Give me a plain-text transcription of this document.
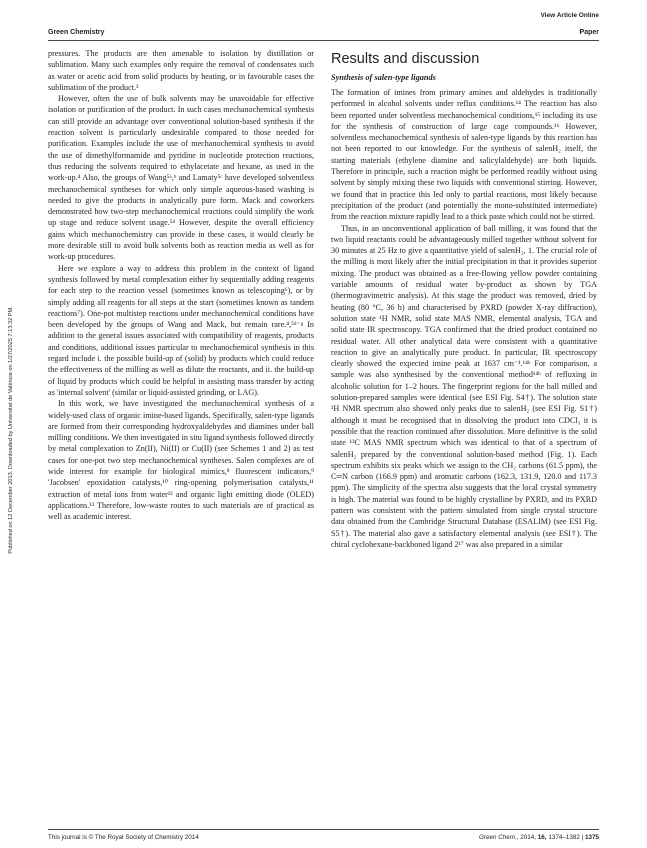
View Article Online
Green Chemistry	Paper
Published on 12 December 2013. Downloaded by Universitat de València on 1/27/2025 7:13:32 PM.

pressures. The products are then amenable to isolation by distillation or sublimation. Many such examples only require the removal of condensates such as water or acetic acid from solid products by heating, or in favourable cases the sublimation of the product.³

However, often the use of bulk solvents may be unavoidable for effective isolation or purification of the product. In such cases mechanochemical synthesis can still provide an advantage over conventional solution-based synthesis if the reaction solvent is particularly undesirable compared to those needed for purification. Examples include the use of mechanochemical synthesis to avoid the use of dimethylformamide and pyridine in nucleotide protection reactions, thus reducing the solvents required to ethylacetate and hexane, as used in the work-up.⁴ Also, the groups of Wang⁵ᵃ,ᵇ and Lamaty⁵ᶜ have developed solventless mechanochemical syntheses for which only simple aqueous-based washing is needed to give the products in analytically pure form. Mack and coworkers demonstrated how two-step mechanochemical reactions could simplify the work up stage and reduce solvent usage.⁵ᵈ However, despite the overall efficiency gains which mechanochemistry can provide in these cases, it would clearly be more desirable still to avoid bulk solvents both as reaction media as well as for work-up procedures.

Here we explore a way to address this problem in the context of ligand synthesis followed by metal complexation either by sequentially adding reagents for each step to the reaction vessel (sometimes known as telescoping⁶), or by simply adding all reagents for all steps at the start (sometimes known as tandem reactions⁷). One-pot multistep reactions under mechanochemical conditions have been developed by the groups of Wang and Mack, but remain rare.⁴,⁵ᵈ⁻ᵍ In addition to the general issues associated with compatibility of reagents, products and conditions, additional issues particular to mechanochemical synthesis in this regard include i. the possible build-up of (solid) by products which could reduce the effectiveness of the milling as well as dilute the reactants, and ii. the build-up of liquid by products which could be helpful in assisting mass transfer by acting as 'internal solvent' (similar or liquid-assisted grinding, or LAG).

In this work, we have investigated the mechanochemical synthesis of a widely-used class of organic imine-based ligands. Specifically, salen-type ligands are formed from their corresponding hydroxyaldehydes and diamines under ball milling conditions. We then investigated in situ ligand synthesis followed directly by metal complexation to Zn(II), Ni(II) or Cu(II) (see Schemes 1 and 2) as test cases for one-pot two step mechanochemical syntheses. Salen complexes are of wide interest for example for biological mimics,⁸ fluorescent indicators,⁹ 'Jacobsen' epoxidation catalysts,¹⁰ ring-opening polymerisation catalysts,¹¹ extraction of metal ions from water¹² and organic light emitting diode (OLED) applications.¹³ Therefore, low-waste routes to such materials are of practical as well as academic interest.

Results and discussion
Synthesis of salen-type ligands

The formation of imines from primary amines and aldehydes is traditionally performed in alcohol solvents under reflux conditions.¹⁴ The reaction has also been reported under solventless mechanochemical conditions,¹⁵ including its use for the synthesis of construction of large cage compounds.¹⁶ However, solventless mechanochemical synthesis of salen-type ligands by this reaction has not been reported to our knowledge. For the synthesis of salenH₂ itself, the starting materials (ethylene diamine and salicylaldehyde) are both liquids. Therefore in principle, such a reaction might be performed readily without using solvent by simply mixing these two liquids with conventional stirring. However, we found that in practice this led only to partial reactions, most likely because precipitation of the product (and potentially the mono-substituted intermediate) from the reaction mixture rapidly lead to a thick paste which could not be stirred.

Thus, in an unconventional application of ball milling, it was found that the two liquid reactants could be advantageously milled together without solvent for 30 minutes at 25 Hz to give a quantitative yield of salenH₂, 1. The crucial role of the milling is most likely after the initial precipitation in that it provides superior mixing. The product was obtained as a free-flowing yellow powder containing variable amounts of residual water by-product as shown by TGA (thermogravimetric analysis). At this stage the product was removed, dried by heating (80 °C, 36 h) and characterised by PXRD (powder X-ray diffraction), solution state ¹H NMR, solid state MAS NMR, elemental analysis, TGA and solid state IR spectroscopy. TGA confirmed that the dried product contained no residual water. All other analytical data were consistent with a quantitative reaction to give an analytically pure product. In particular, IR spectroscopy clearly showed the expected imine peak at 1637 cm⁻¹.¹⁴ᵇ For comparison, a sample was also synthesised by the conventional method¹⁴ᵇ of refluxing in alcoholic solution for 1–2 hours. The fingerprint regions for the ball milled and solution-prepared samples were identical (see ESI Fig. S4†). The solution state ¹H NMR spectrum also showed only peaks due to salenH₂ (see ESI Fig. S1†) although it must be recognised that in dissolving the product into CDCl₃ it is possible that the reaction continued after dissolution. More definitive is the solid state ¹³C MAS NMR spectrum which was identical to that of a spectrum of salenH₂ prepared by the conventional solution-based method (Fig. 1). Each spectrum exhibits six peaks which we assign to the CH₂ carbons (61.5 ppm), the C═N carbon (166.9 ppm) and aromatic carbons (162.3, 131.9, 120.0 and 117.3 ppm). The simplicity of the spectra also suggests that the local crystal symmetry is high. The material was found to be highly crystalline by PXRD, and its PXRD pattern was consistent with the pattern simulated from single crystal structure data obtained from the Cambridge Structural Database (ESALIM) (see ESI Fig. S5†). The material also gave a satisfactory elemental analysis (see ESI†). The chiral cyclohexane-backboned ligand 2¹⁷ was also prepared in a similar

This journal is © The Royal Society of Chemistry 2014	Green Chem., 2014, 16, 1374–1382 | 1375
